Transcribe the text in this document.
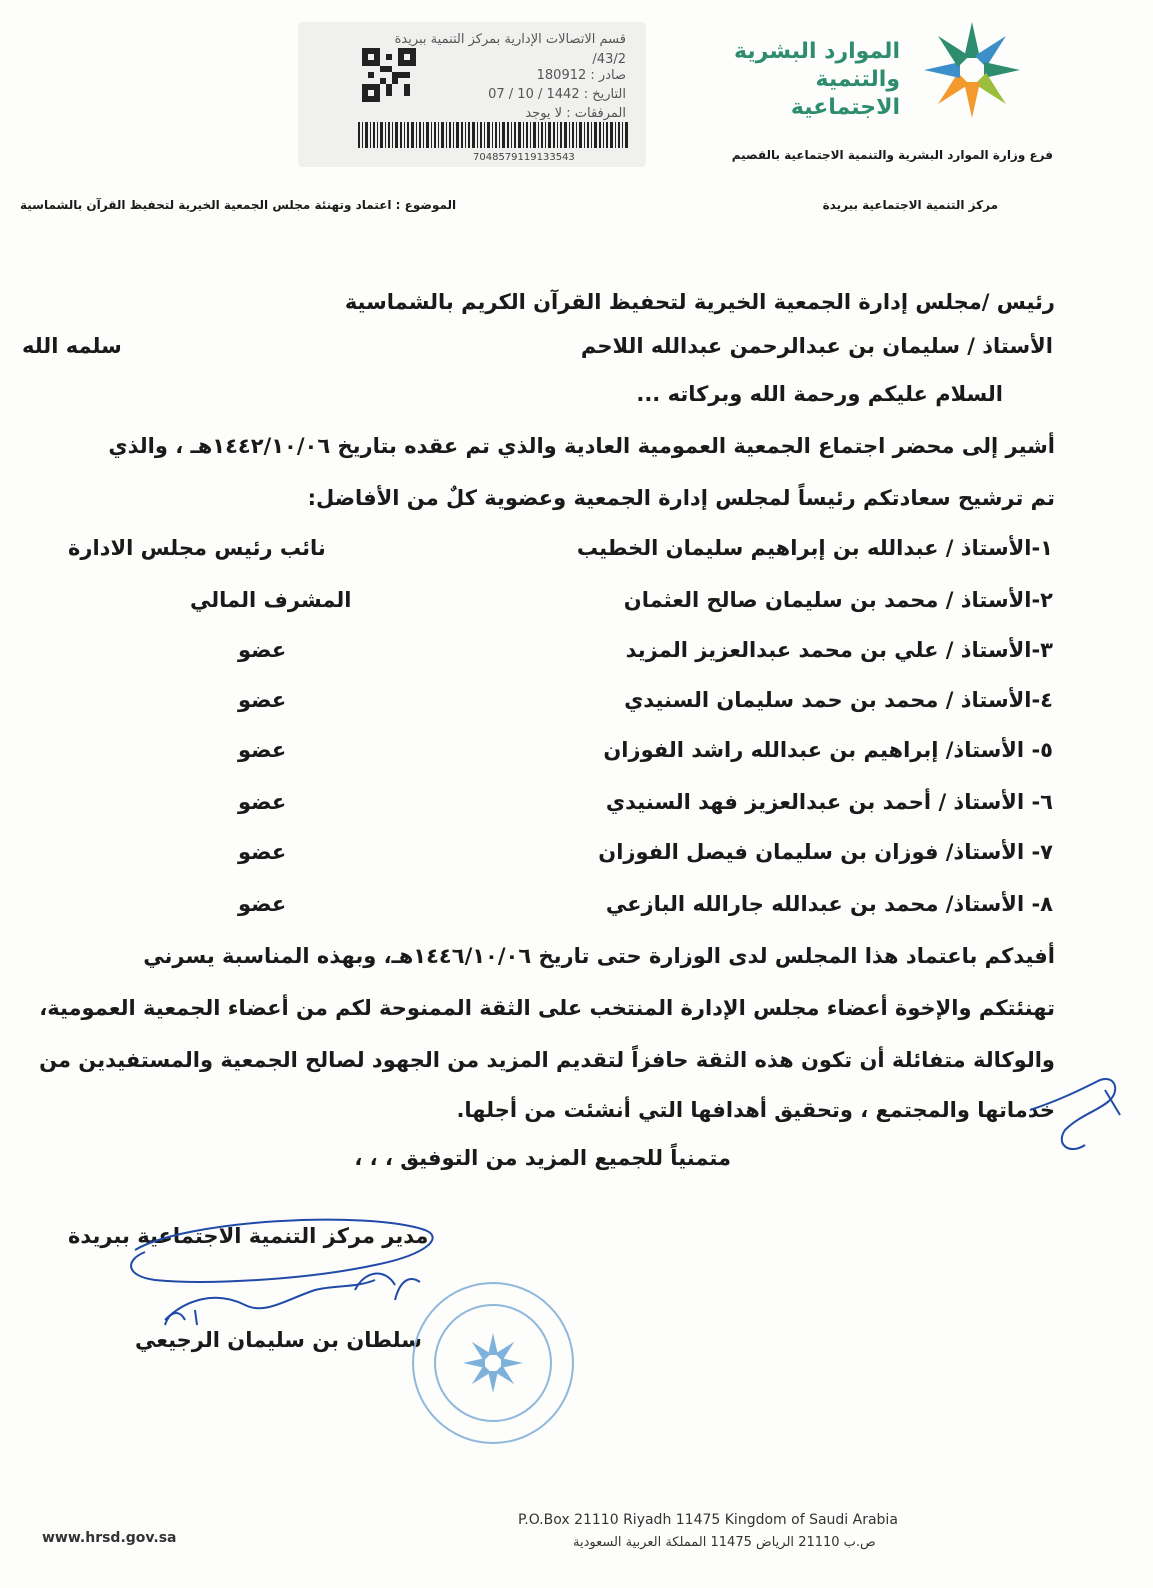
الموارد البشرية
والتنمية الاجتماعية
قسم الاتصالات الإدارية بمركز التنمية ببريدة
43/2/
صادر : 180912
التاريخ : 1442 / 10 / 07
المرفقات : لا يوجد
7048579119133543	فرع وزارة الموارد البشرية والتنمية الاجتماعية بالقصيم
مركز التنمية الاجتماعية ببريدة
الموضوع : اعتماد وتهنئة مجلس الجمعية الخيرية لتحفيظ القرآن بالشماسية
رئيس /مجلس إدارة الجمعية الخيرية لتحفيظ القرآن الكريم بالشماسية
الأستاذ / سليمان بن عبدالرحمن عبدالله اللاحم
سلمه الله
السلام عليكم ورحمة الله وبركاته ...
أشير إلى محضر اجتماع الجمعية العمومية العادية والذي تم عقده بتاريخ ١٤٤٢/١٠/٠٦هـ ، والذي
تم ترشيح سعادتكم رئيساً لمجلس إدارة الجمعية وعضوية كلٌ من الأفاضل:
١-الأستاذ / عبدالله بن إبراهيم سليمان الخطيب
نائب رئيس مجلس الادارة
٢-الأستاذ / محمد بن سليمان صالح العثمان
المشرف المالي
٣-الأستاذ / علي بن محمد عبدالعزيز المزيد
عضو
٤-الأستاذ / محمد بن حمد سليمان السنيدي
عضو
٥- الأستاذ/ إبراهيم بن عبدالله راشد الفوزان
عضو
٦- الأستاذ / أحمد بن عبدالعزيز فهد السنيدي
عضو
٧- الأستاذ/ فوزان بن سليمان فيصل الفوزان
عضو
٨- الأستاذ/ محمد بن عبدالله جارالله البازعي
عضو
أفيدكم باعتماد هذا المجلس لدى الوزارة حتى تاريخ ١٤٤٦/١٠/٠٦هـ، وبهذه المناسبة يسرني
تهنئتكم والإخوة أعضاء مجلس الإدارة المنتخب على الثقة الممنوحة لكم من أعضاء الجمعية العمومية،
والوكالة متفائلة أن تكون هذه الثقة حافزاً لتقديم المزيد من الجهود لصالح الجمعية والمستفيدين من
خدماتها والمجتمع ، وتحقيق أهدافها التي أنشئت من أجلها.
متمنياً للجميع المزيد من التوفيق ، ، ،
مدير مركز التنمية الاجتماعية ببريدة
سلطان بن سليمان الرجيعي
P.O.Box 21110 Riyadh 11475 Kingdom of Saudi Arabia
ص.ب 21110 الرياض 11475 المملكة العربية السعودية
www.hrsd.gov.sa
